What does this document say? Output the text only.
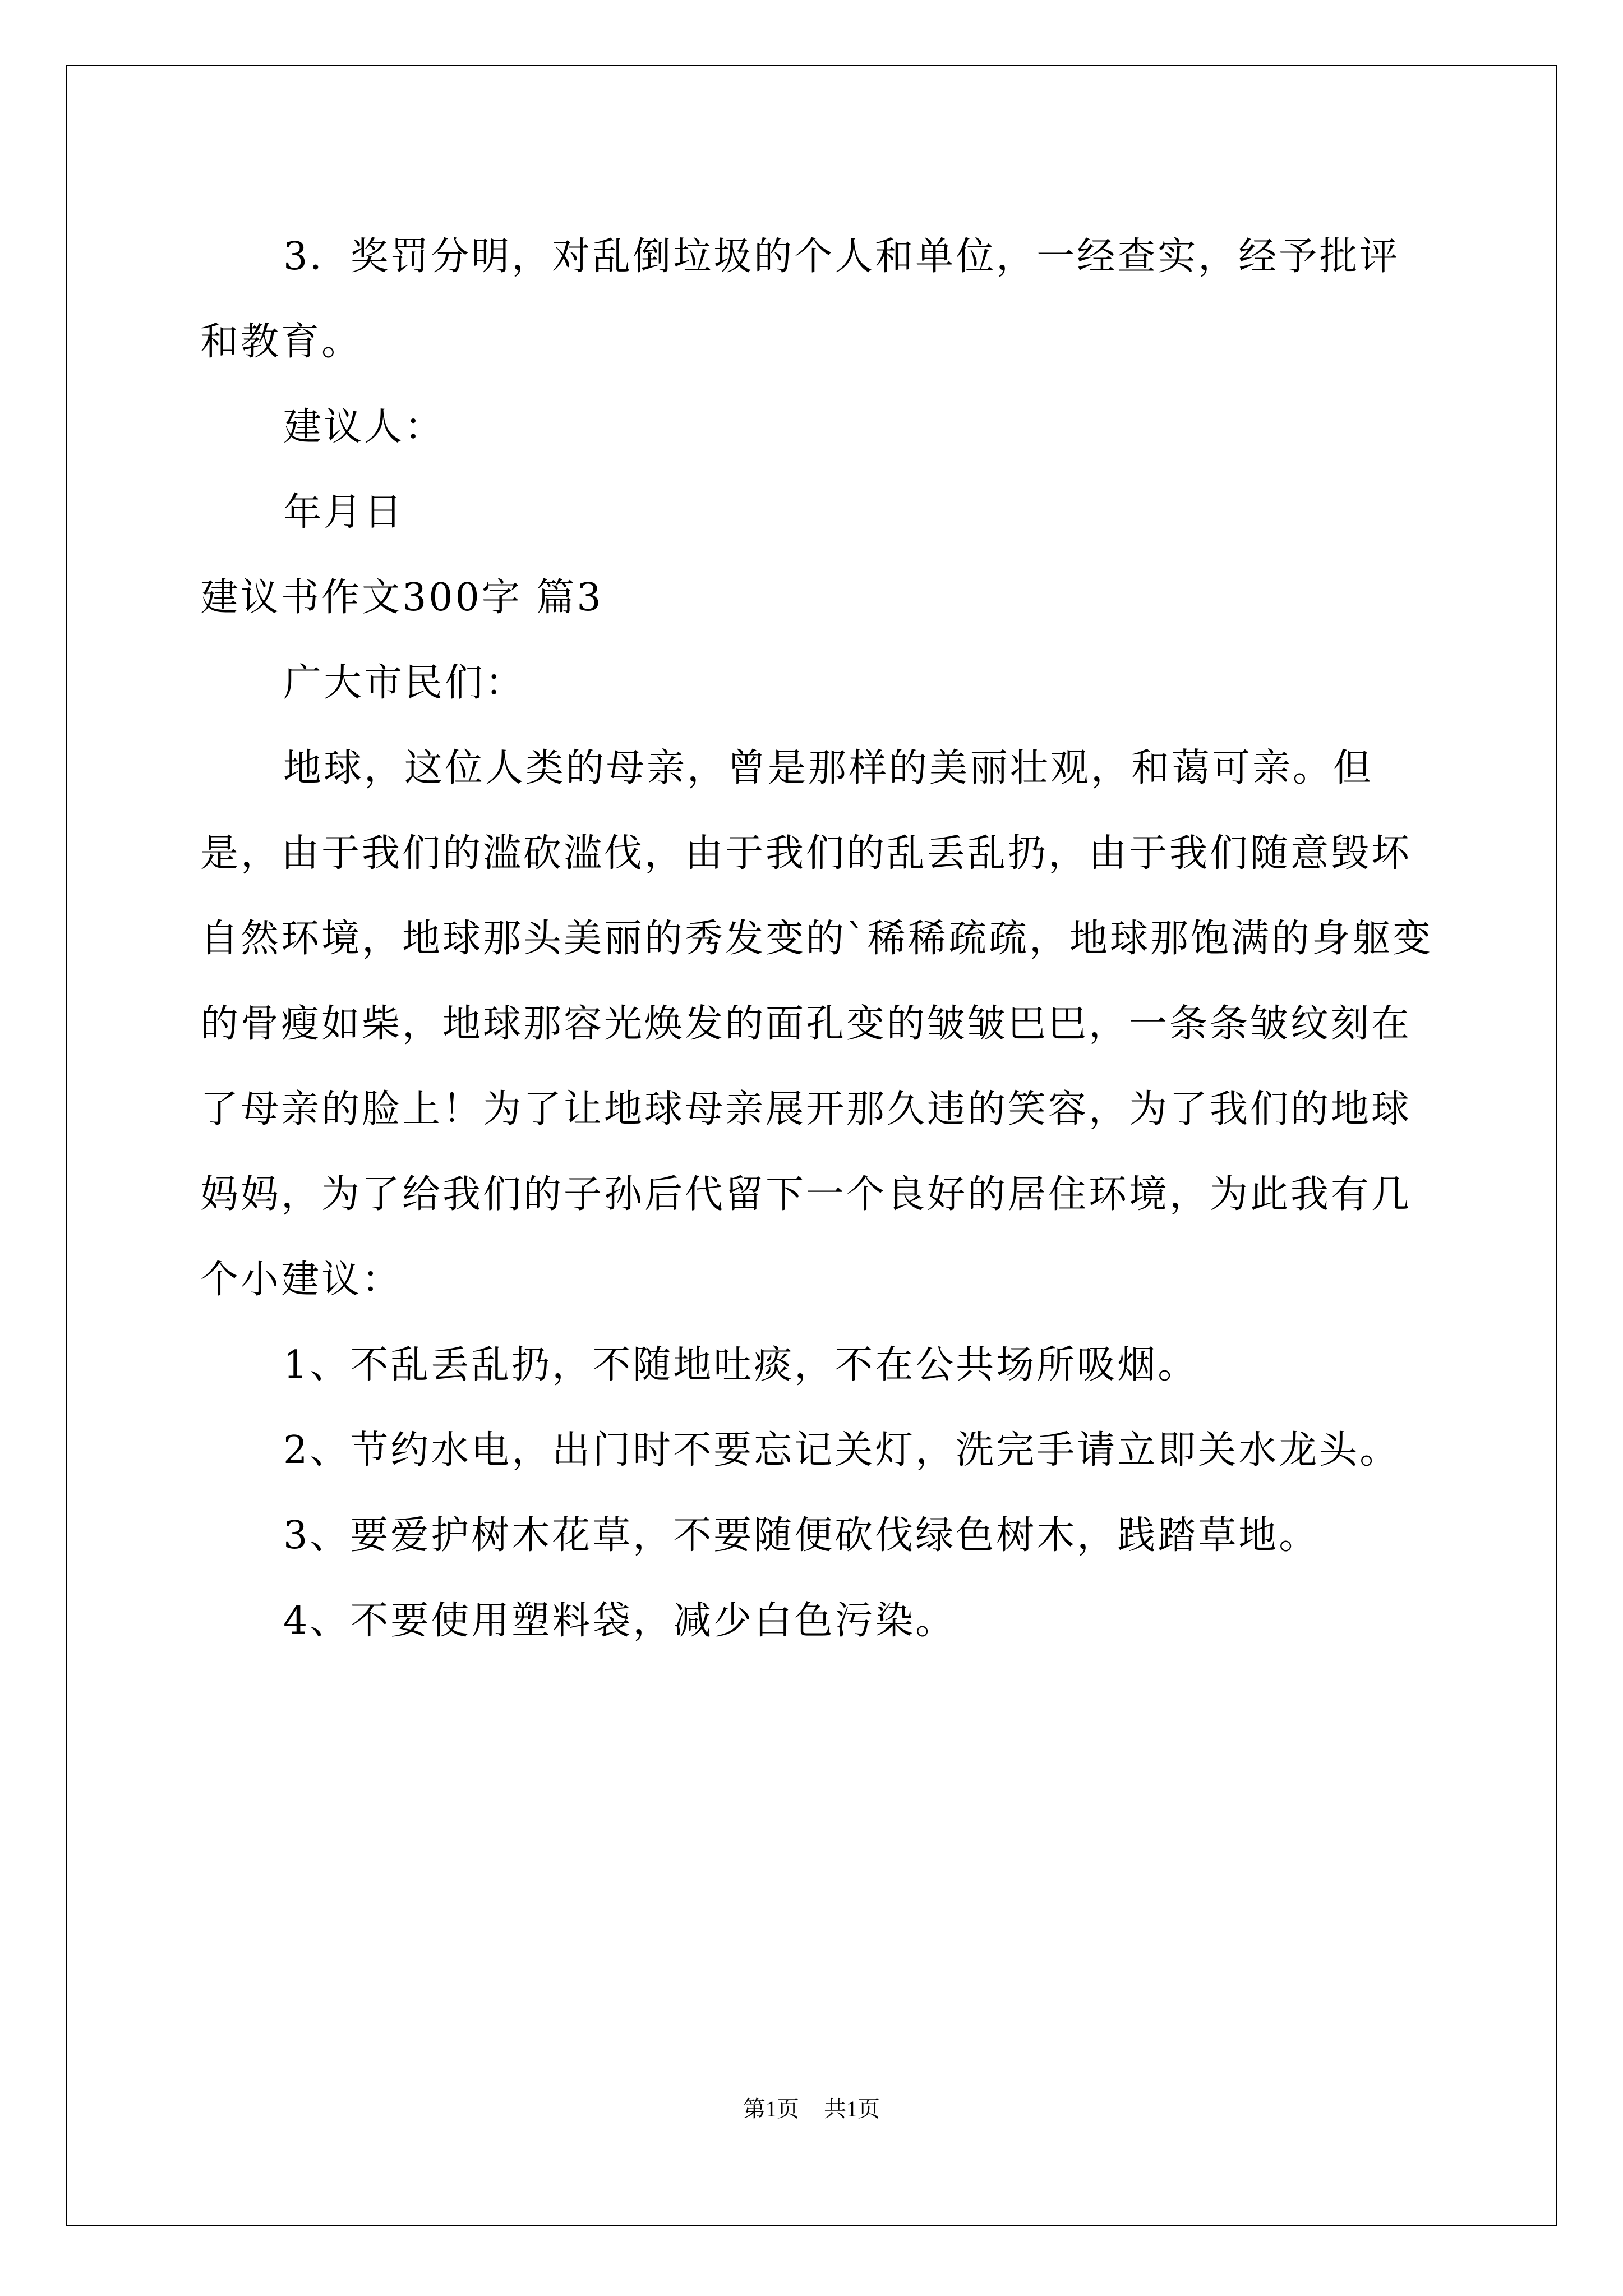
3．奖罚分明，对乱倒垃圾的个人和单位，一经查实，经予批评和教育。

建议人：

年月日

建议书作文300字 篇3

广大市民们：

地球，这位人类的母亲，曾是那样的美丽壮观，和蔼可亲。但是，由于我们的滥砍滥伐，由于我们的乱丢乱扔，由于我们随意毁坏自然环境，地球那头美丽的秀发变的`稀稀疏疏，地球那饱满的身躯变的骨瘦如柴，地球那容光焕发的面孔变的皱皱巴巴，一条条皱纹刻在了母亲的脸上！为了让地球母亲展开那久违的笑容，为了我们的地球妈妈，为了给我们的子孙后代留下一个良好的居住环境，为此我有几个小建议：

1、不乱丢乱扔，不随地吐痰，不在公共场所吸烟。

2、节约水电，出门时不要忘记关灯，洗完手请立即关水龙头。

3、要爱护树木花草，不要随便砍伐绿色树木，践踏草地。

4、不要使用塑料袋，减少白色污染。

第1页 共1页
